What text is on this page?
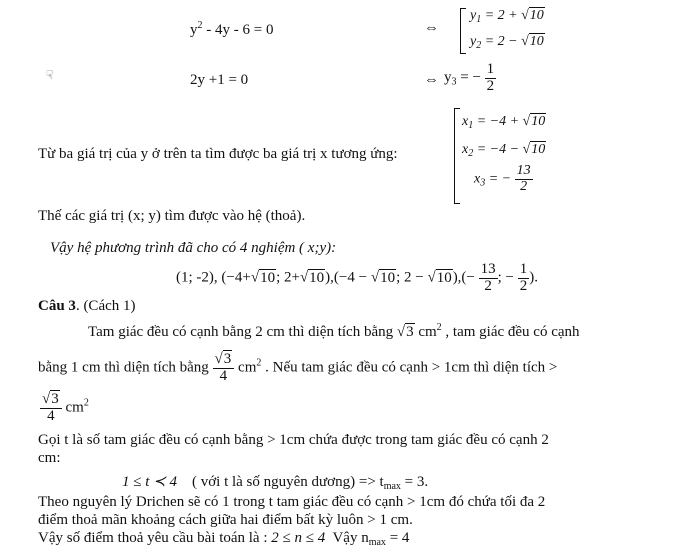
$y^2 - 4y - 6 = 0$	⇔
$y_1 = 2 + √10$
$y_2 = 2 - √10$
☟	2y +1 = 0	⇔ $y_3$ = − $\frac{1}{2}$
Từ ba giá trị của y ở trên ta tìm được ba giá trị x tương ứng:
$x_1 = -4 + √10$
$x_2 = -4 - √10$
$x_3$ = − $\frac{13}{2}$
Thế các giá trị (x; y) tìm được vào hệ (thoả).
Vậy hệ phương trình đã cho có 4 nghiệm ( x;y):
(1; -2), (−4+√10; 2+√10),(−4 − √10; $2 - √10),(- \frac{13}{2}$ ; − $\frac{1}{2}$ ).
Câu 3. (Cách 1)
Tam giác đều có cạnh bằng 2 cm thì diện tích bằng √3 $cm^2$ , tam giác đều có cạnh
bằng 1 cm thì diện tích bằng $\frac{√3}{4} cm^2$ . Nếu tam giác đều có cạnh > 1cm thì diện tích >
$\frac{√3}{4} cm^2$
Gọi t là số tam giác đều có cạnh bằng > 1cm chứa được trong tam giác đều có cạnh 2
cm:
1 ≤ t ≺ 4 ( với t là số nguyên dương) => $t_{max} = 3$.
Theo nguyên lý Drichen sẽ có 1 trong t tam giác đều có cạnh > 1cm đó chứa tối đa 2
điểm thoả mãn khoảng cách giữa hai điểm bất kỳ luôn > 1 cm.
Vậy số điểm thoả yêu cầu bài toán là : 2 ≤ n ≤ 4 Vậy $n_{max} = 4$
